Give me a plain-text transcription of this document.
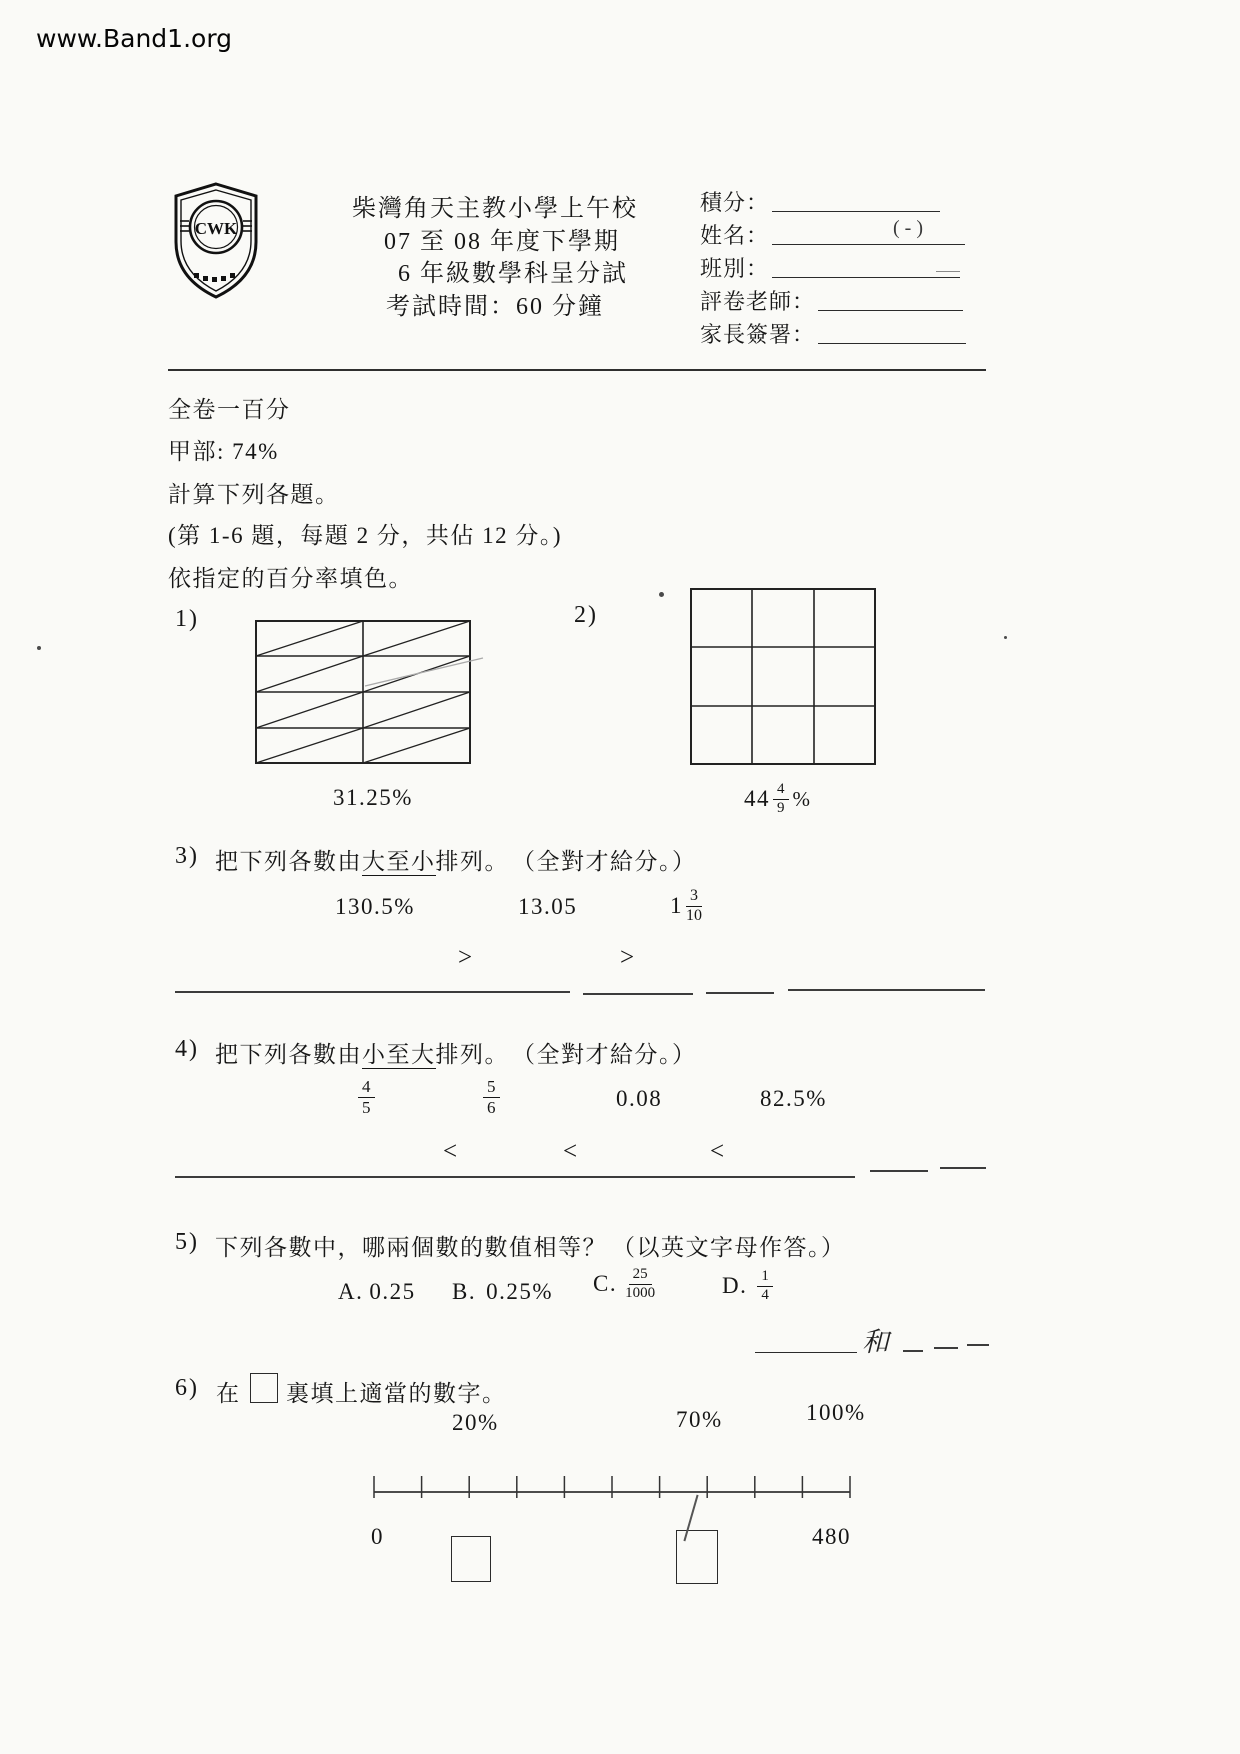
www.Band1.org
CWK
柴灣角天主教小學上午校
07 至 08 年度下學期
6 年級數學科呈分試
考試時間：60 分鐘
積分：
姓名：	( - )
班別：
評卷老師：
家長簽署：
全卷一百分
甲部: 74%
計算下列各題。
(第 1-6 題，每題 2 分，共佔 12 分。)
依指定的百分率填色。
1)
31.25%
2)
$44 \frac{4}{9}$ %
3) 把下列各數由大至小排列。 （全對才給分。）
130.5%	13.05	$1 \frac{3}{10}$
>	>
4) 把下列各數由小至大排列。 （全對才給分。）
$\frac{4}{5}$	$\frac{5}{6}$	0.08	82.5%
<	<	<
5) 下列各數中，哪兩個數的數值相等？ （以英文字母作答。）
A. 0.25 B. 0.25% C. $\frac{25}{1000}$	D. $\frac{1}{4}$
和
6) 在 裏填上適當的數字。
20%	70%	100%
0	480
